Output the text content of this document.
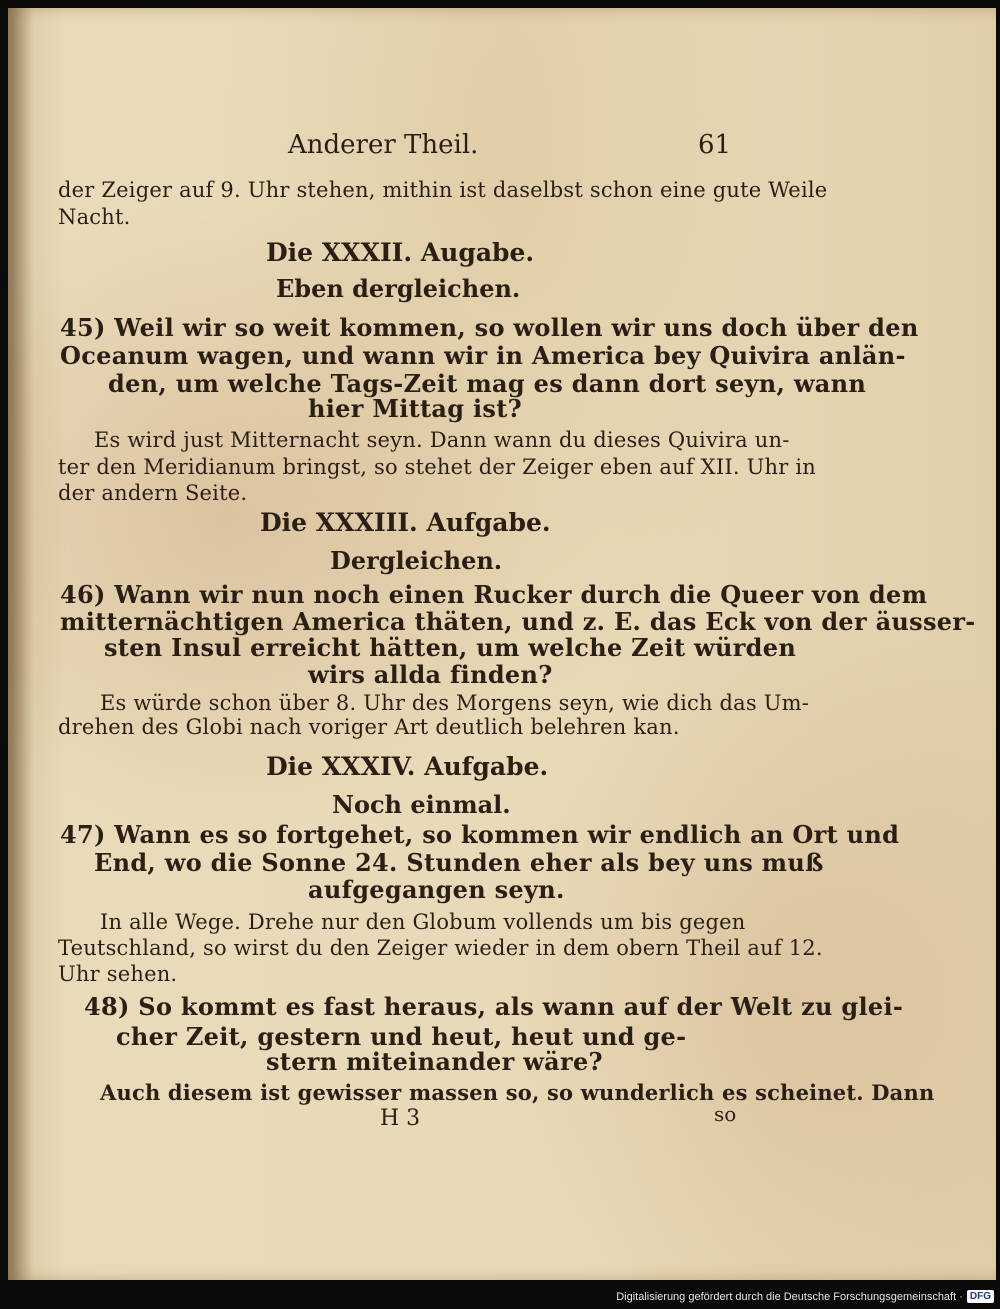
Anderer Theil.	61

der Zeiger auf 9. Uhr stehen, mithin ist daselbst schon eine gute Weile

Nacht.

Die XXXII. Augabe.

Eben dergleichen.

45) Weil wir so weit kommen, so wollen wir uns doch über den

Oceanum wagen, und wann wir in America bey Quivira anlän-

den, um welche Tags-Zeit mag es dann dort seyn, wann

hier Mittag ist?

Es wird just Mitternacht seyn. Dann wann du dieses Quivira un-

ter den Meridianum bringst, so stehet der Zeiger eben auf XII. Uhr in

der andern Seite.

Die XXXIII. Aufgabe.

Dergleichen.

46) Wann wir nun noch einen Rucker durch die Queer von dem

mitternächtigen America thäten, und z. E. das Eck von der äusser-

sten Insul erreicht hätten, um welche Zeit würden

wirs allda finden?

Es würde schon über 8. Uhr des Morgens seyn, wie dich das Um-

drehen des Globi nach voriger Art deutlich belehren kan.

Die XXXIV. Aufgabe.

Noch einmal.

47) Wann es so fortgehet, so kommen wir endlich an Ort und

End, wo die Sonne 24. Stunden eher als bey uns muß

aufgegangen seyn.

In alle Wege. Drehe nur den Globum vollends um bis gegen

Teutschland, so wirst du den Zeiger wieder in dem obern Theil auf 12.

Uhr sehen.

48) So kommt es fast heraus, als wann auf der Welt zu glei-

cher Zeit, gestern und heut, heut und ge-

stern miteinander wäre?

Auch diesem ist gewisser massen so, so wunderlich es scheinet. Dann

H 3	so

Digitalisierung gefördert durch die Deutsche Forschungsgemeinschaft · DFG
